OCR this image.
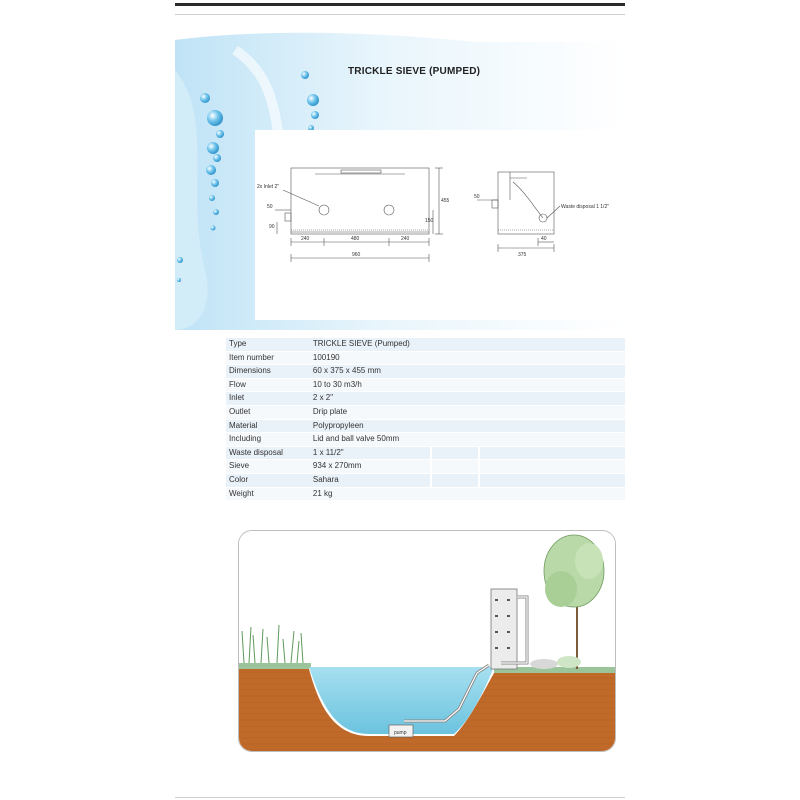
TRICKLE SIEVE (PUMPED)
2x Inlet 2"
50
90
150
455
240	480	240
960
50
Waste disposal 1 1/2"
40
375
Type	TRICKLE SIEVE (Pumped)		
Item number	100190		
Dimensions	60 x 375 x 455 mm		
Flow	10 to 30 m3/h		
Inlet	2 x 2"		
Outlet	Drip plate		
Material	Polypropyleen		
Including	Lid and ball valve 50mm		
Waste disposal	1 x 11/2"		
Sieve	934 x 270mm		
Color	Sahara		
Weight	21 kg		
pump
